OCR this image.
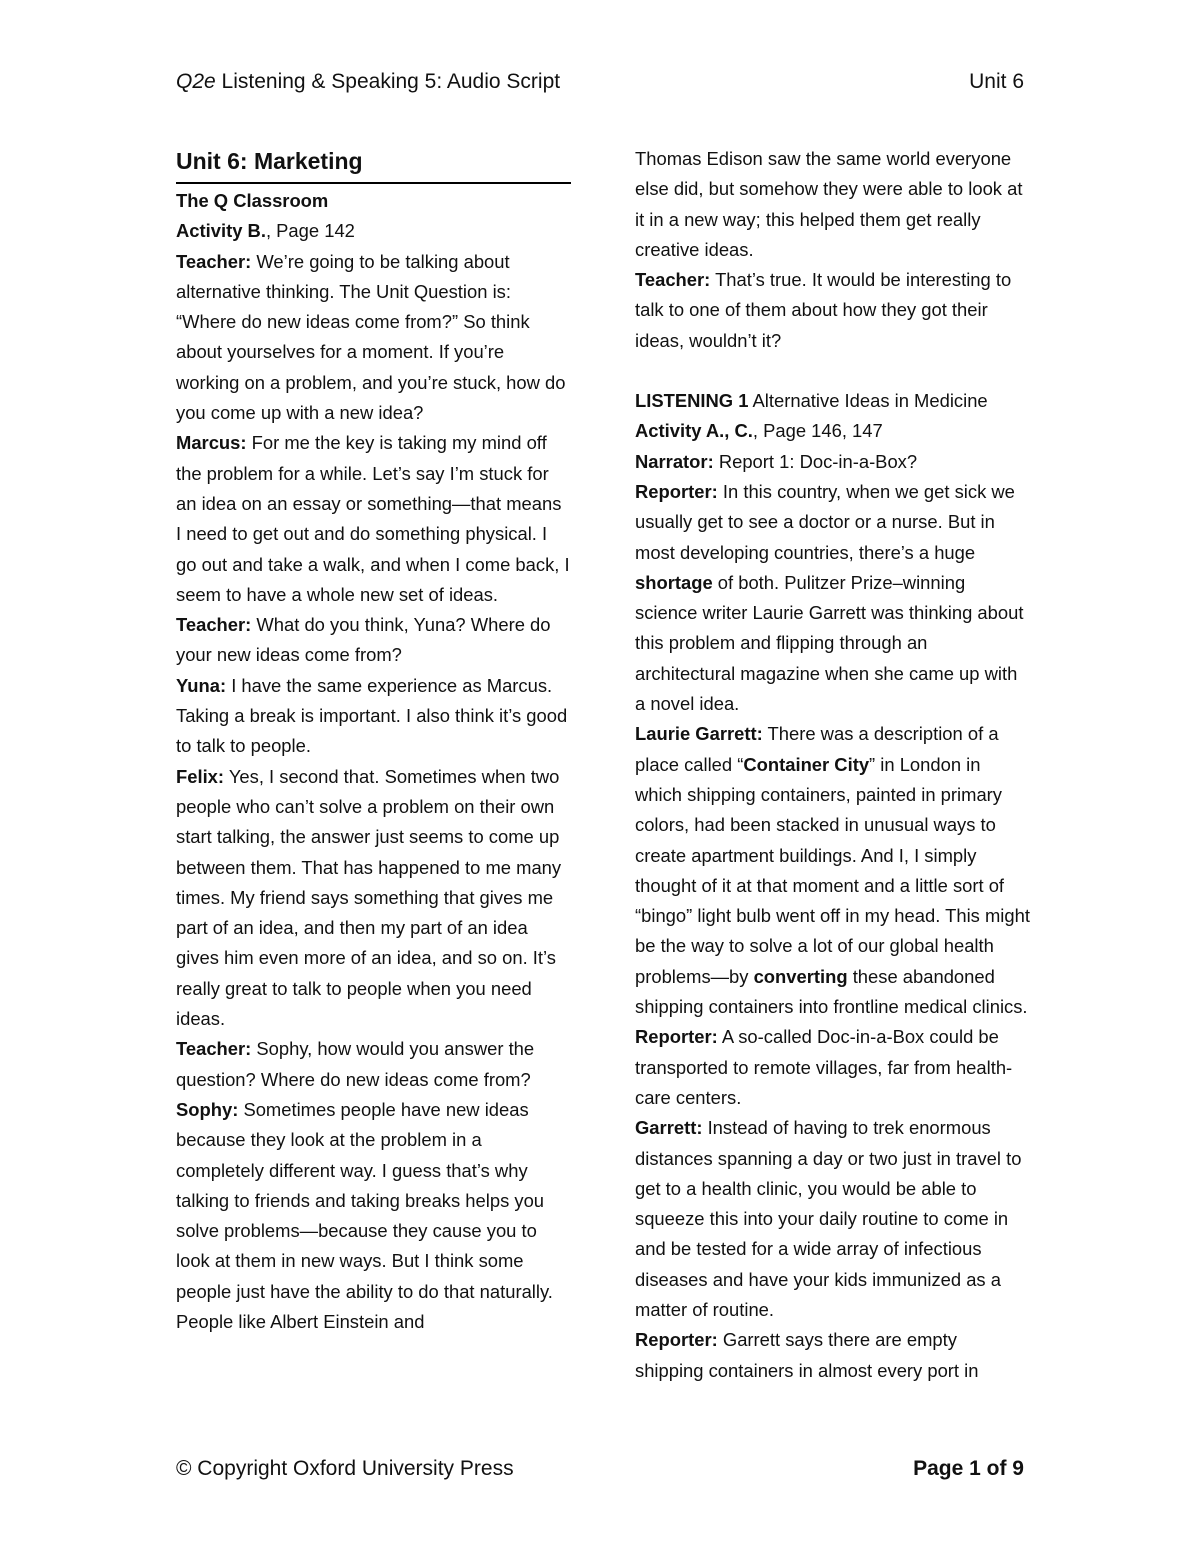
Q2e Listening & Speaking 5: Audio Script	Unit 6
Unit 6: Marketing

The Q Classroom

Activity B., Page 142

Teacher: We’re going to be talking about alternative thinking. The Unit Question is: “Where do new ideas come from?” So think about yourselves for a moment. If you’re working on a problem, and you’re stuck, how do you come up with a new idea?

Marcus: For me the key is taking my mind off the problem for a while. Let’s say I’m stuck for an idea on an essay or something—that means I need to get out and do something physical. I go out and take a walk, and when I come back, I seem to have a whole new set of ideas.

Teacher: What do you think, Yuna? Where do your new ideas come from?

Yuna: I have the same experience as Marcus. Taking a break is important. I also think it’s good to talk to people.

Felix: Yes, I second that. Sometimes when two people who can’t solve a problem on their own start talking, the answer just seems to come up between them. That has happened to me many times. My friend says something that gives me part of an idea, and then my part of an idea gives him even more of an idea, and so on. It’s really great to talk to people when you need ideas.

Teacher: Sophy, how would you answer the question? Where do new ideas come from?

Sophy: Sometimes people have new ideas because they look at the problem in a completely different way. I guess that’s why talking to friends and taking breaks helps you solve problems—because they cause you to look at them in new ways. But I think some people just have the ability to do that naturally. People like Albert Einstein and

Thomas Edison saw the same world everyone else did, but somehow they were able to look at it in a new way; this helped them get really creative ideas.

Teacher: That’s true. It would be interesting to talk to one of them about how they got their ideas, wouldn’t it?

LISTENING 1 Alternative Ideas in Medicine

Activity A., C., Page 146, 147

Narrator: Report 1: Doc-in-a-Box?

Reporter: In this country, when we get sick we usually get to see a doctor or a nurse. But in most developing countries, there’s a huge shortage of both. Pulitzer Prize–winning science writer Laurie Garrett was thinking about this problem and flipping through an architectural magazine when she came up with a novel idea.

Laurie Garrett: There was a description of a place called “Container City” in London in which shipping containers, painted in primary colors, had been stacked in unusual ways to create apartment buildings. And I, I simply thought of it at that moment and a little sort of “bingo” light bulb went off in my head. This might be the way to solve a lot of our global health problems—by converting these abandoned shipping containers into frontline medical clinics.

Reporter: A so-called Doc-in-a-Box could be transported to remote villages, far from health-care centers.

Garrett: Instead of having to trek enormous distances spanning a day or two just in travel to get to a health clinic, you would be able to squeeze this into your daily routine to come in and be tested for a wide array of infectious diseases and have your kids immunized as a matter of routine.

Reporter: Garrett says there are empty shipping containers in almost every port in

© Copyright Oxford University Press	Page 1 of 9
